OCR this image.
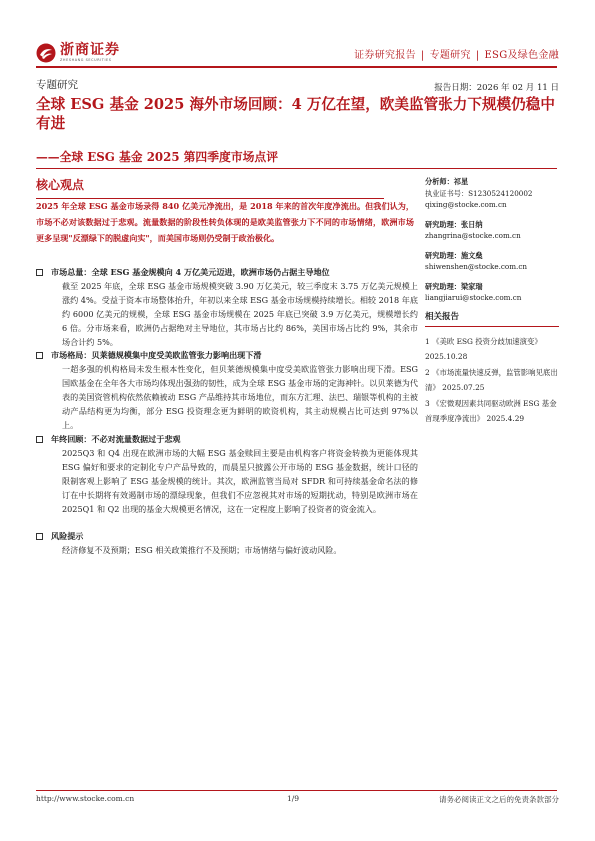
浙商证券
ZHESHANG SECURITIES	证券研究报告 | 专题研究 | ESG及绿色金融
专题研究	报告日期：2026 年 02 月 11 日
全球 ESG 基金 2025 海外市场回顾：4 万亿在望，欧美监管张力下规模仍稳中有进
——全球 ESG 基金 2025 第四季度市场点评
核心观点
2025 年全球 ESG 基金市场录得 840 亿美元净流出，是 2018 年来的首次年度净流出。但我们认为，市场不必对该数据过于悲观。流量数据的阶段性转负体现的是欧美监管张力下不同的市场情绪，欧洲市场更多呈现"反漂绿下的脱虚向实"，而美国市场则仍受制于政治极化。
市场总量：全球 ESG 基金规模向 4 万亿美元迈进，欧洲市场仍占据主导地位
截至 2025 年底，全球 ESG 基金市场规模突破 3.90 万亿美元，较三季度末 3.75 万亿美元规模上涨约 4%。受益于资本市场整体抬升，年初以来全球 ESG 基金市场规模持续增长。相较 2018 年底约 6000 亿美元的规模，全球 ESG 基金市场规模在 2025 年底已突破 3.9 万亿美元，规模增长约 6 倍。分市场来看，欧洲仍占据绝对主导地位，其市场占比约 86%，美国市场占比约 9%，其余市场合计约 5%。
市场格局：贝莱德规模集中度受美欧监管张力影响出现下滑
一超多强的机构格局未发生根本性变化，但贝莱德规模集中度受美欧监管张力影响出现下滑。ESG 国欧基金在全年各大市场均体现出强劲的韧性，成为全球 ESG 基金市场的定海神针。以贝莱德为代表的美国资管机构依然依赖被动 ESG 产品维持其市场地位，而东方汇理、法巴、瑞银等机构的主被动产品结构更为均衡，部分 ESG 投资理念更为鲜明的欧资机构，其主动规模占比可达到 97%以上。
年终回顾：不必对流量数据过于悲观
2025Q3 和 Q4 出现在欧洲市场的大幅 ESG 基金赎回主要是由机构客户将资金转换为更能体现其 ESG 偏好和要求的定制化专户产品导致的，而晨星只披露公开市场的 ESG 基金数据，统计口径的限制客观上影响了 ESG 基金规模的统计。其次，欧洲监管当局对 SFDR 和可持续基金命名法的修订在中长期将有效遏制市场的漂绿现象，但我们不应忽视其对市场的短期扰动，特别是欧洲市场在 2025Q1 和 Q2 出现的基金大规模更名情况，这在一定程度上影响了投资者的资金流入。
风险提示
经济修复不及预期；ESG 相关政策推行不及预期；市场情绪与偏好波动风险。
分析师：祁星
执业证书号：S1230524120002
qixing@stocke.com.cn
研究助理：张日纳
zhangrina@stocke.com.cn
研究助理：施文燊
shiwenshen@stocke.com.cn
研究助理：梁家瑞
liangjiarui@stocke.com.cn
相关报告
1 《美欧 ESG 投资分歧加速演变》 2025.10.28
2 《市场流量快速反弹，监管影响见底出清》 2025.07.25
3 《宏微观因素共同驱动欧洲 ESG 基金首现季度净流出》 2025.4.29
http://www.stocke.com.cn	1/9	请务必阅读正文之后的免责条款部分
